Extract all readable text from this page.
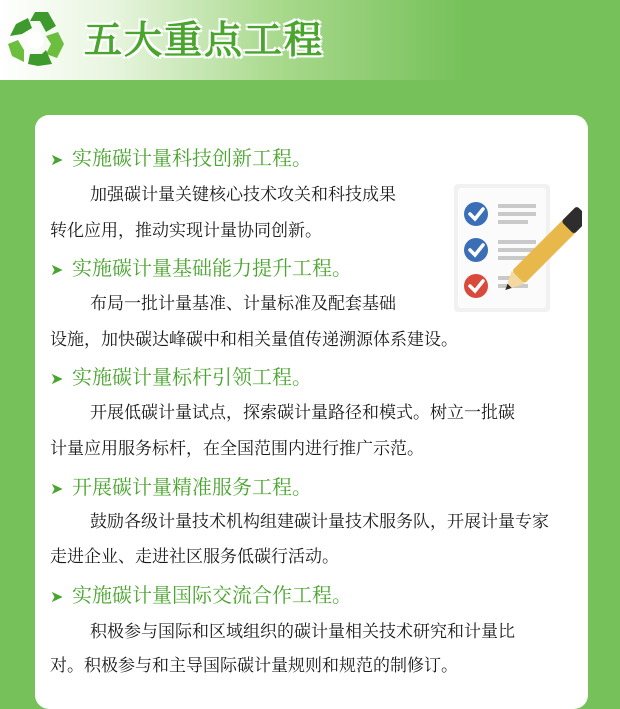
五大重点工程
➤ 实施碳计量科技创新工程。
加强碳计量关键核心技术攻关和科技成果
转化应用，推动实现计量协同创新。
➤ 实施碳计量基础能力提升工程。
布局一批计量基准、计量标准及配套基础
设施，加快碳达峰碳中和相关量值传递溯源体系建设。
➤ 实施碳计量标杆引领工程。
开展低碳计量试点，探索碳计量路径和模式。树立一批碳
计量应用服务标杆，在全国范围内进行推广示范。
➤ 开展碳计量精准服务工程。
鼓励各级计量技术机构组建碳计量技术服务队，开展计量专家
走进企业、走进社区服务低碳行活动。
➤ 实施碳计量国际交流合作工程。
积极参与国际和区域组织的碳计量相关技术研究和计量比
对。积极参与和主导国际碳计量规则和规范的制修订。
